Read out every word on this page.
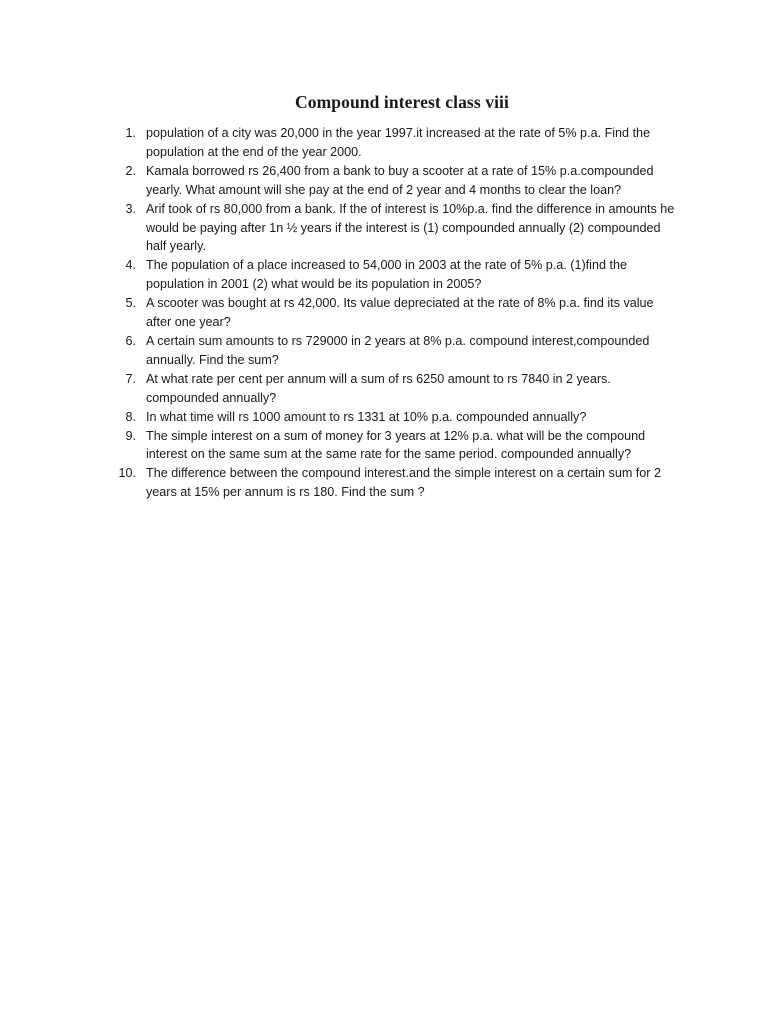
Compound interest class viii
1. population of a city was 20,000 in the year 1997.it increased at the rate of 5% p.a. Find the
population at the end of the year 2000.
2. Kamala borrowed rs 26,400 from a bank to buy a scooter at a rate of 15% p.a.compounded
yearly. What amount will she pay at the end of 2 year and 4 months to clear the loan?
3. Arif took of rs 80,000 from a bank. If the of interest is 10%p.a. find the difference in amounts he
would be paying after 1n ½ years if the interest is (1) compounded annually (2) compounded
half yearly.
4. The population of a place increased to 54,000 in 2003 at the rate of 5% p.a. (1)find the
population in 2001 (2) what would be its population in 2005?
5. A scooter was bought at rs 42,000. Its value depreciated at the rate of 8% p.a. find its value
after one year?
6. A certain sum amounts to rs 729000 in 2 years at 8% p.a. compound interest,compounded
annually. Find the sum?
7. At what rate per cent per annum will a sum of rs 6250 amount to rs 7840 in 2 years.
compounded annually?
8. In what time will rs 1000 amount to rs 1331 at 10% p.a. compounded annually?
9. The simple interest on a sum of money for 3 years at 12% p.a. what will be the compound
interest on the same sum at the same rate for the same period. compounded annually?
10. The difference between the compound interest.and the simple interest on a certain sum for 2
years at 15% per annum is rs 180. Find the sum ?
